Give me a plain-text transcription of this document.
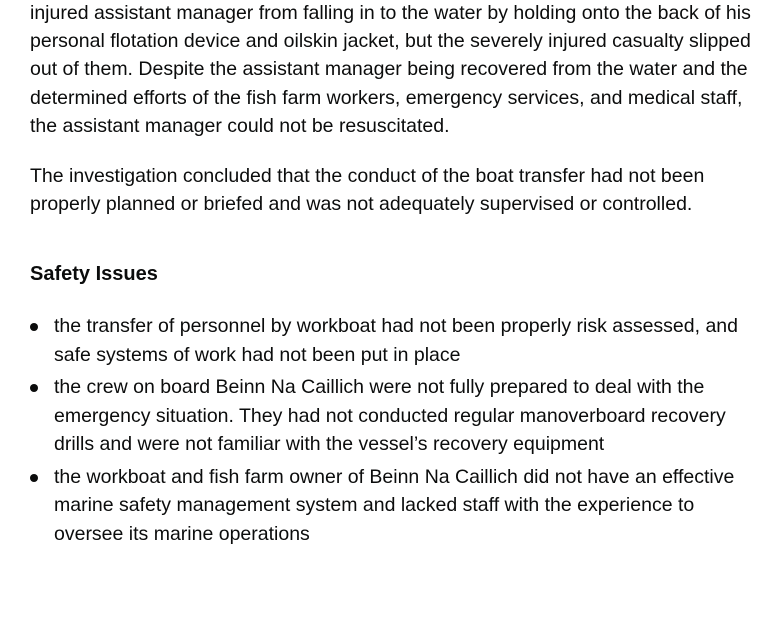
injured assistant manager from falling in to the water by holding onto the back of his personal flotation device and oilskin jacket, but the severely injured casualty slipped out of them. Despite the assistant manager being recovered from the water and the determined efforts of the fish farm workers, emergency services, and medical staff, the assistant manager could not be resuscitated.

The investigation concluded that the conduct of the boat transfer had not been properly planned or briefed and was not adequately supervised or controlled.

Safety Issues
the transfer of personnel by workboat had not been properly risk assessed, and safe systems of work had not been put in place
the crew on board Beinn Na Caillich were not fully prepared to deal with the emergency situation. They had not conducted regular manoverboard recovery drills and were not familiar with the vessel’s recovery equipment
the workboat and fish farm owner of Beinn Na Caillich did not have an effective marine safety management system and lacked staff with the experience to oversee its marine operations
